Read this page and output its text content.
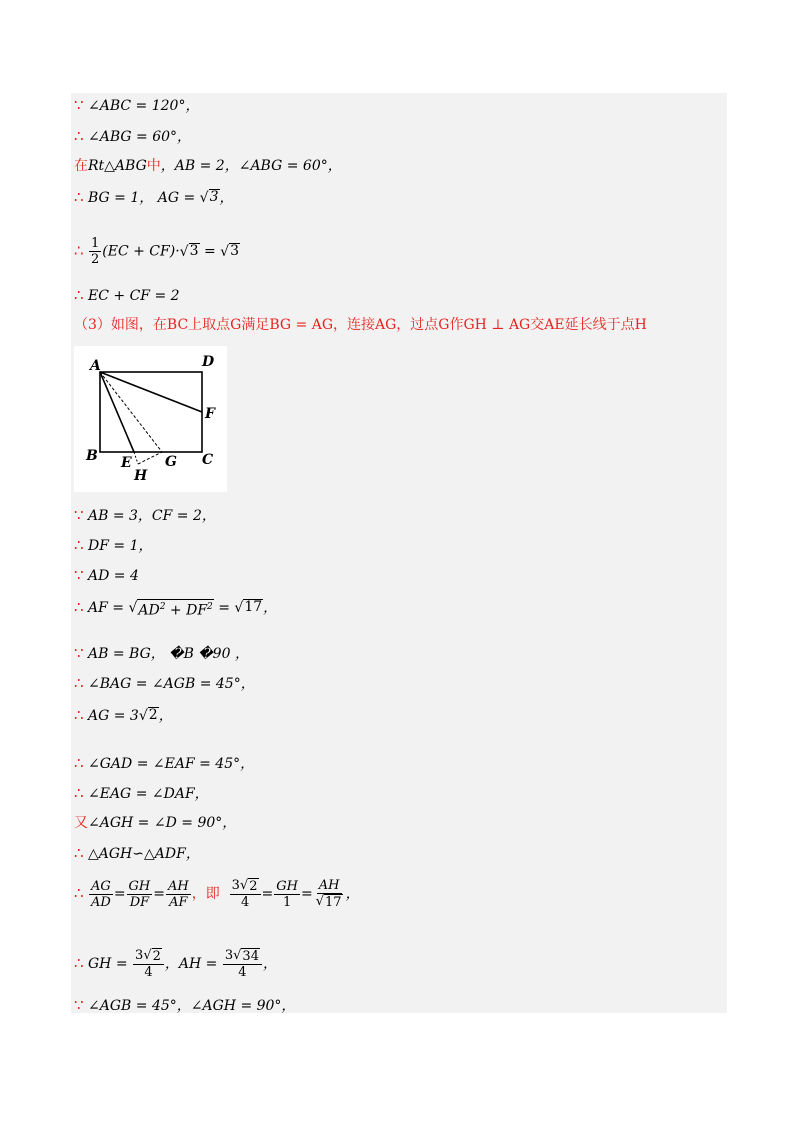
∵ ∠ABC = 120°，
∴ ∠ABG = 60°，
在Rt△ABG中，AB = 2，∠ABG = 60°，
∴ BG = 1， AG = √ 3 ，
∴ $\frac{1}{2} (EC + CF)\cdot$ √ 3 = √ 3
∴ EC + CF = 2
（3）如图，在BC上取点G满足BG = AG，连接AG，过点G作GH ⊥ AG交AE延长线于点H
A	D
F
B	C
E G
H
∵ AB = 3，CF = 2，
∴ DF = 1，
∵ AD = 4
∴ AF = √ $AD^2 + DF^2$ = √ 17 ，
∵ AB = BG， �B �90 ，
∴ ∠BAG = ∠AGB = 45°，
∴ AG = 3 √ 2 ，
∴ ∠GAD = ∠EAF = 45°，
∴ ∠EAG = ∠DAF，
又∠AGH = ∠D = 90°，
∴ △AGH∽△ADF，
∴ $\frac{AG}{AD} = \frac{GH}{DF} = \frac{AH}{AF}$ ，即 $\frac{3 √ 2}{4} = \frac{GH}{1} = \frac{AH}{√ 17}$ ，
∴ GH = $\frac{3 √ 2}{4}$ ，AH = $\frac{3 √ 34}{4}$ ，
∵ ∠AGB = 45°，∠AGH = 90°，
